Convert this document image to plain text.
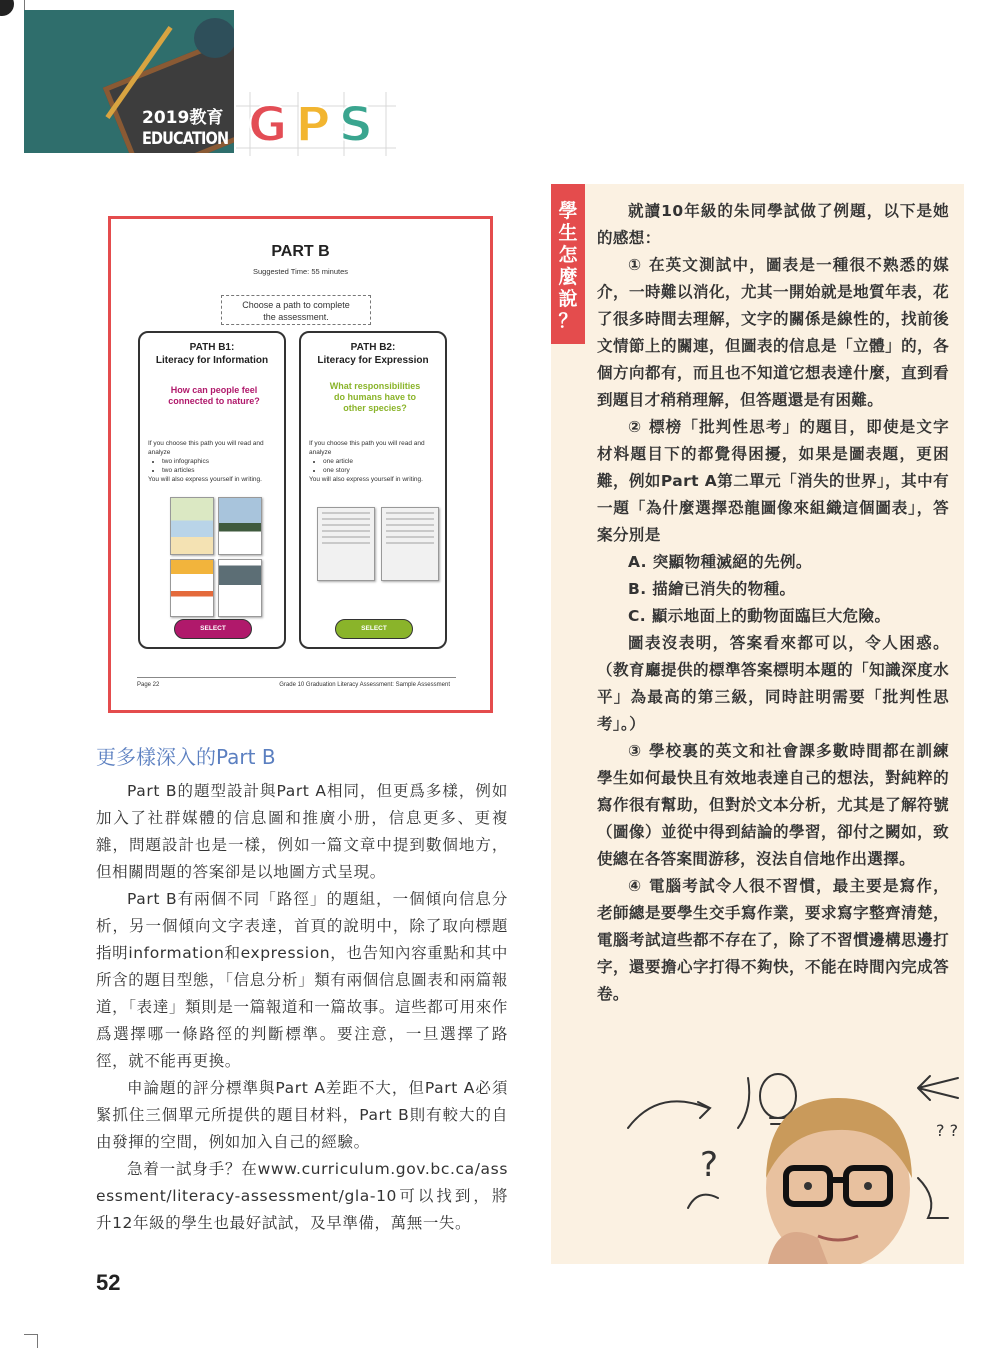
2019教育
EDUCATION G P S
PART B
Suggested Time: 55 minutes
Choose a path to complete
the assessment.
PATH B1:
Literacy for Information
How can people feel
connected to nature?
If you choose this path you will read and analyze
• two infographics
• two articles
You will also express yourself in writing.
SELECT
PATH B2:
Literacy for Expression
What responsibilities
do humans have to
other species?
If you choose this path you will read and analyze
• one article
• one story
You will also express yourself in writing.
SELECT
Page 22	Grade 10 Graduation Literacy Assessment: Sample Assessment
更多樣深入的Part B

Part B的題型設計與Part A相同，但更爲多樣，例如加入了社群媒體的信息圖和推廣小册，信息更多、更複雜，問題設計也是一樣，例如一篇文章中提到數個地方，但相關問題的答案卻是以地圖方式呈現。

Part B有兩個不同「路徑」的題組，一個傾向信息分析，另一個傾向文字表達，首頁的說明中，除了取向標題指明information和expression，也告知內容重點和其中所含的題目型態，「信息分析」類有兩個信息圖表和兩篇報道，「表達」類則是一篇報道和一篇故事。這些都可用來作爲選擇哪一條路徑的判斷標準。要注意，一旦選擇了路徑，就不能再更換。

申論題的評分標準與Part A差距不大，但Part A必須緊抓住三個單元所提供的題目材料，Part B則有較大的自由發揮的空間，例如加入自己的經驗。

急着一試身手？在www.curriculum.gov.bc.ca/assessment/literacy-assessment/gla-10可以找到，將升12年級的學生也最好試試，及早準備，萬無一失。

52
學
生
怎
麼
說
？

就讀10年級的朱同學試做了例題，以下是她的感想：

① 在英文測試中，圖表是一種很不熟悉的媒介，一時難以消化，尤其一開始就是地質年表，花了很多時間去理解，文字的關係是線性的，找前後文情節上的關連，但圖表的信息是「立體」的，各個方向都有，而且也不知道它想表達什麼，直到看到題目才稍稍理解，但答題還是有困難。

② 標榜「批判性思考」的題目，即使是文字材料題目下的都覺得困擾，如果是圖表題，更困難，例如Part A第二單元「消失的世界」，其中有一題「為什麼選擇恐龍圖像來組織這個圖表」，答案分別是

A. 突顯物種滅絕的先例。

B. 描繪已消失的物種。

C. 顯示地面上的動物面臨巨大危險。

圖表沒表明，答案看來都可以，令人困惑。（教育廳提供的標準答案標明本題的「知識深度水平」為最高的第三級，同時註明需要「批判性思考」。）

③ 學校裏的英文和社會課多數時間都在訓練學生如何最快且有效地表達自己的想法，對純粹的寫作很有幫助，但對於文本分析，尤其是了解符號（圖像）並從中得到結論的學習，卻付之闕如，致使總在各答案間游移，沒法自信地作出選擇。

④ 電腦考試令人很不習慣，最主要是寫作，老師總是要學生交手寫作業，要求寫字整齊清楚，電腦考試這些都不存在了，除了不習慣邊構思邊打字，還要擔心字打得不夠快，不能在時間內完成答卷。

?
? ?
